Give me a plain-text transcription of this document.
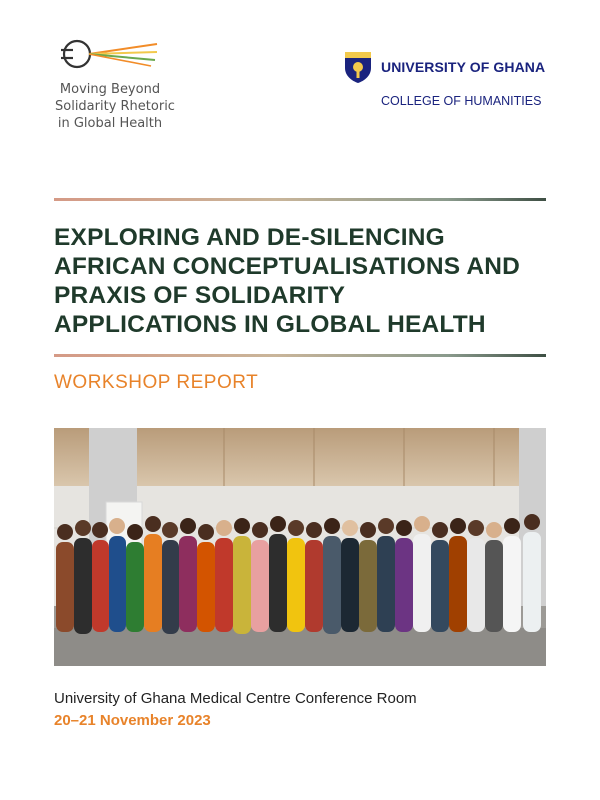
Moving Beyond
Solidarity Rhetoric
in Global Health
UNIVERSITY OF GHANA
COLLEGE OF HUMANITIES
EXPLORING AND DE-SILENCING
AFRICAN CONCEPTUALISATIONS AND
PRAXIS OF SOLIDARITY
APPLICATIONS IN GLOBAL HEALTH
WORKSHOP REPORT
University of Ghana Medical Centre Conference Room
20–21 November 2023
